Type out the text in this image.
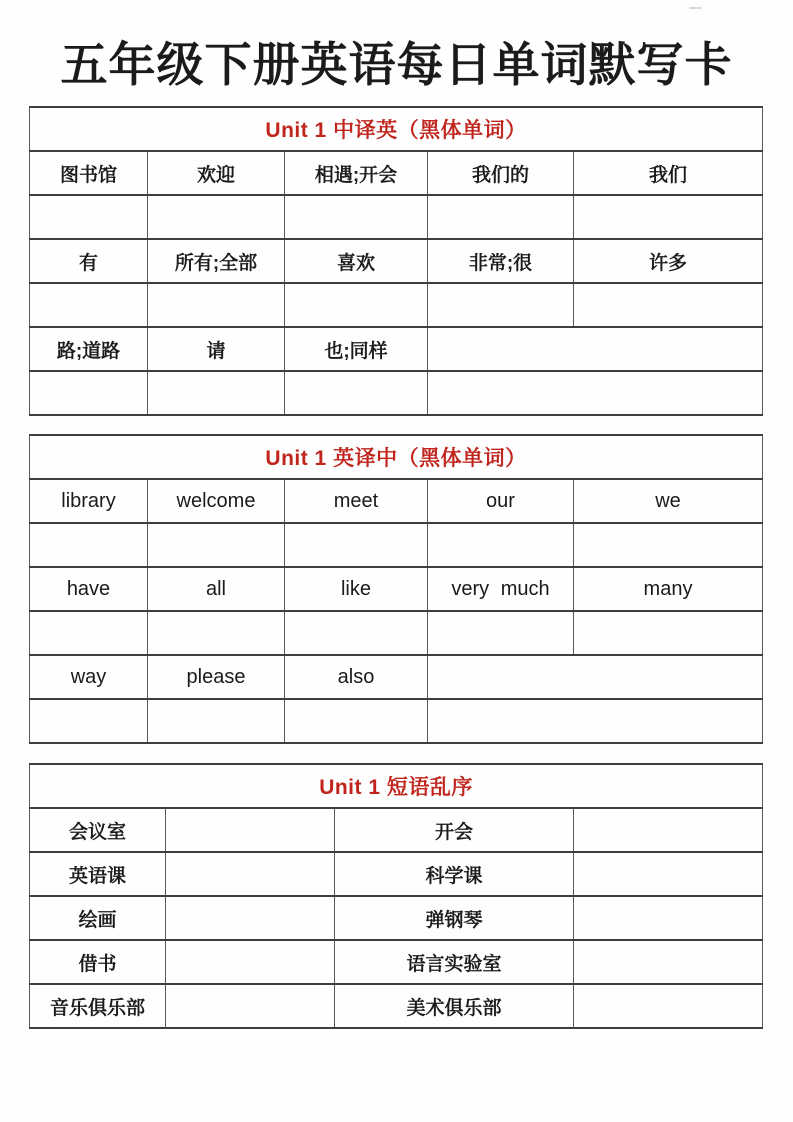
五年级下册英语每日单词默写卡
Unit 1 中译英（黑体单词）				
图书馆	欢迎	相遇;开会	我们的	我们

有	所有;全部	喜欢	非常;很	许多

路;道路	请	也;同样		

Unit 1 英译中（黑体单词）				
library	welcome	meet	our	we

have	all	like	very much	many

way	please	also		

Unit 1 短语乱序			
会议室		开会	
英语课		科学课	
绘画		弹钢琴	
借书		语言实验室	
音乐俱乐部		美术俱乐部	
